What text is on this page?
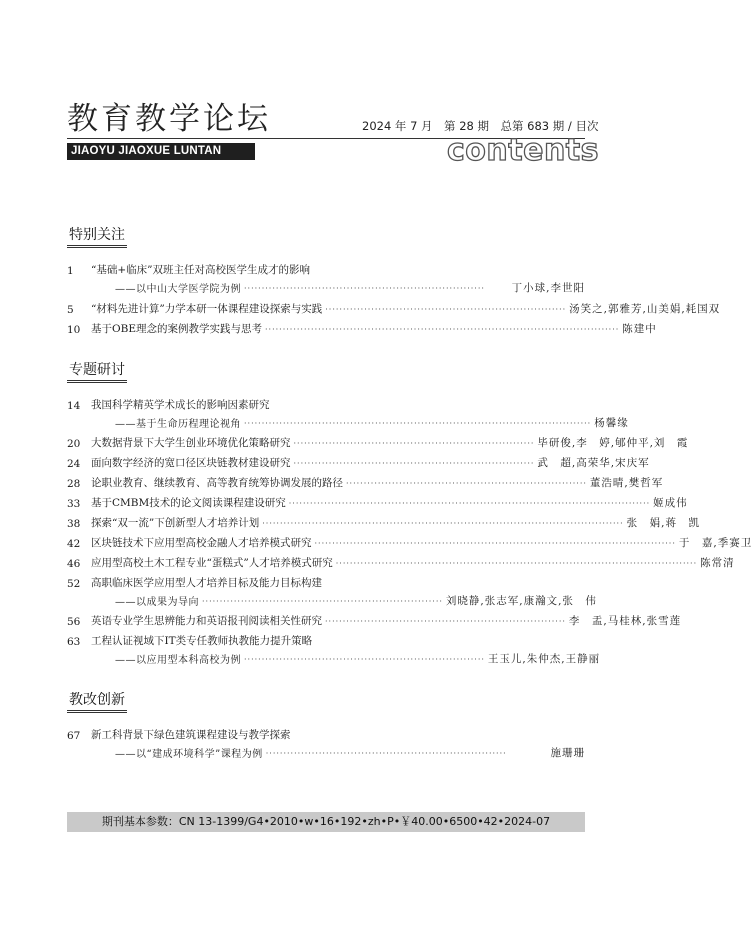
教育教学论坛	2024 年 7 月　第 28 期　总第 683 期 / 目次
JIAOYU JIAOXUE LUNTAN	contents
特别关注
1	“基础+临床”双班主任对高校医学生成才的影响
——以中山大学医学院为例 ····································································	丁小球,李世阳
5	“材料先进计算”力学本研一体课程建设探索与实践 ···································································· 汤笑之,郭雅芳,山美娟,耗国双
10	基于OBE理念的案例教学实践与思考 ···································································································· 陈建中
专题研讨
14	我国科学精英学术成长的影响因素研究
——基于生命历程理论视角 ·································································································· 杨馨缘
20	大数据背景下大学生创业环境优化策略研究 ···································································· 毕研俊,李　婷,郇仲平,刘　霞
24	面向数字经济的宽口径区块链教材建设研究 ···································································· 武　超,高荣华,宋庆军
28	论职业教育、继续教育、高等教育统筹协调发展的路径 ···································································· 董浩晴,樊哲军
33	基于CMBM技术的论文阅读课程建设研究 ······································································································ 姬成伟
38	探索“双一流”下创新型人才培养计划 ······································································································ 张　娟,蒋　凯
42	区块链技术下应用型高校金融人才培养模式研究 ······································································································ 于　嘉,季赛卫
46	应用型高校土木工程专业“蛋糕式”人才培养模式研究 ······································································································ 陈常清
52	高职临床医学应用型人才培养目标及能力目标构建
——以成果为导向 ···································································· 刘晓静,张志军,康瀚文,张　伟
56	英语专业学生思辨能力和英语报刊阅读相关性研究 ···································································· 李　盂,马桂林,张雪莲
63	工程认证视域下IT类专任教师执教能力提升策略
——以应用型本科高校为例 ···································································· 王玉儿,朱仲杰,王静丽
教改创新
67	新工科背景下绿色建筑课程建设与教学探索
——以“建成环境科学”课程为例 ····································································	施珊珊
期刊基本参数：CN 13-1399/G4•2010•w•16•192•zh•P•￥40.00•6500•42•2024-07
